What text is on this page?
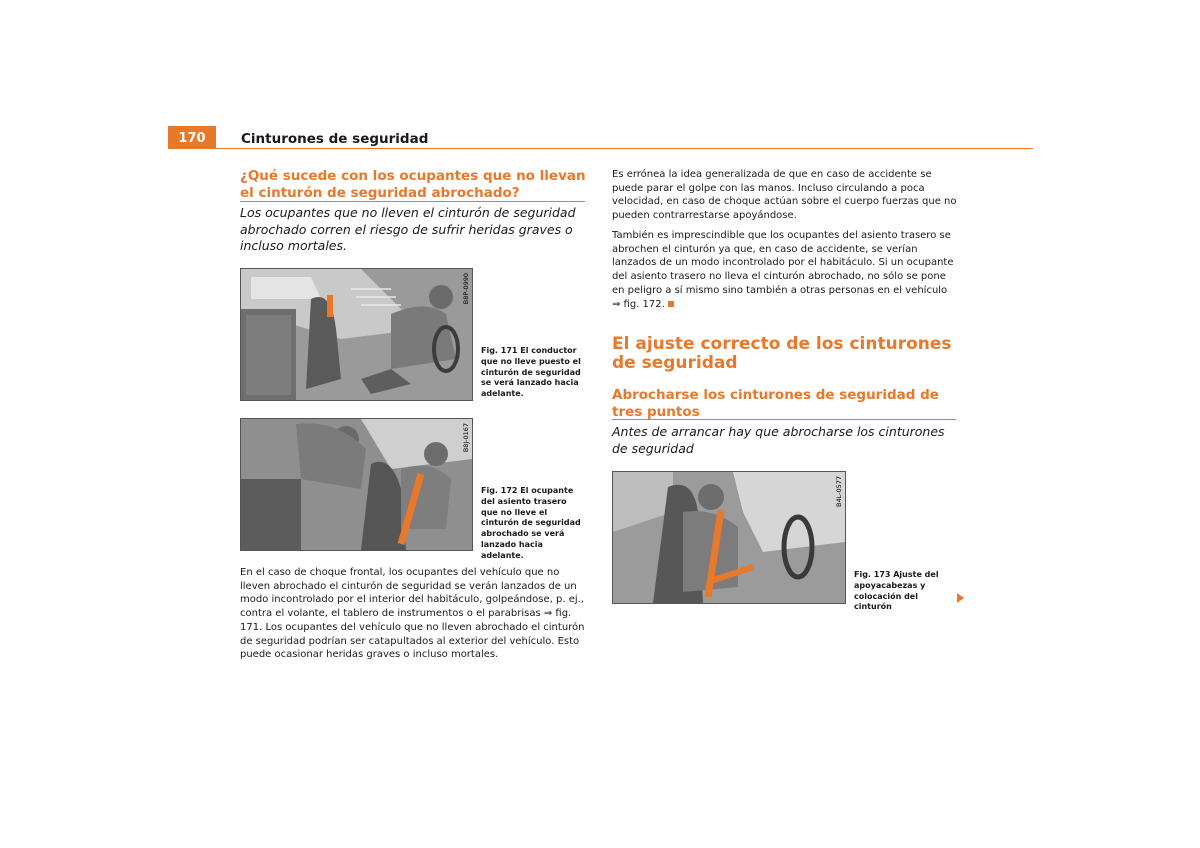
170	Cinturones de seguridad
¿Qué sucede con los ocupantes que no llevan el cinturón de seguridad abrochado?
Los ocupantes que no lleven el cinturón de seguridad abrochado corren el riesgo de sufrir heridas graves o incluso mortales.
B8P-0990
Fig. 171 El conductor que no lleve puesto el cinturón de seguridad se verá lanzado hacia adelante.
B8J-0167
Fig. 172 El ocupante del asiento trasero que no lleve el cinturón de seguridad abrochado se verá lanzado hacia adelante.
En el caso de choque frontal, los ocupantes del vehículo que no lleven abrochado el cinturón de seguridad se verán lanzados de un modo incontrolado por el interior del habitáculo, golpeándose, p. ej., contra el volante, el tablero de instrumentos o el parabrisas ⇒ fig. 171. Los ocupantes del vehículo que no lleven abrochado el cinturón de seguridad podrían ser catapultados al exterior del vehículo. Esto puede ocasionar heridas graves o incluso mortales.
Es errónea la idea generalizada de que en caso de accidente se puede parar el golpe con las manos. Incluso circulando a poca velocidad, en caso de choque actúan sobre el cuerpo fuerzas que no pueden contrarrestarse apoyándose.
También es imprescindible que los ocupantes del asiento trasero se abrochen el cinturón ya que, en caso de accidente, se verían lanzados de un modo incontrolado por el habitáculo. Si un ocupante del asiento trasero no lleva el cinturón abrochado, no sólo se pone en peligro a sí mismo sino también a otras personas en el vehículo ⇒ fig. 172.
El ajuste correcto de los cinturones de seguridad
Abrocharse los cinturones de seguridad de tres puntos
Antes de arrancar hay que abrocharse los cinturones de seguridad
B4L-0577
Fig. 173 Ajuste del apoyacabezas y colocación del cinturón
